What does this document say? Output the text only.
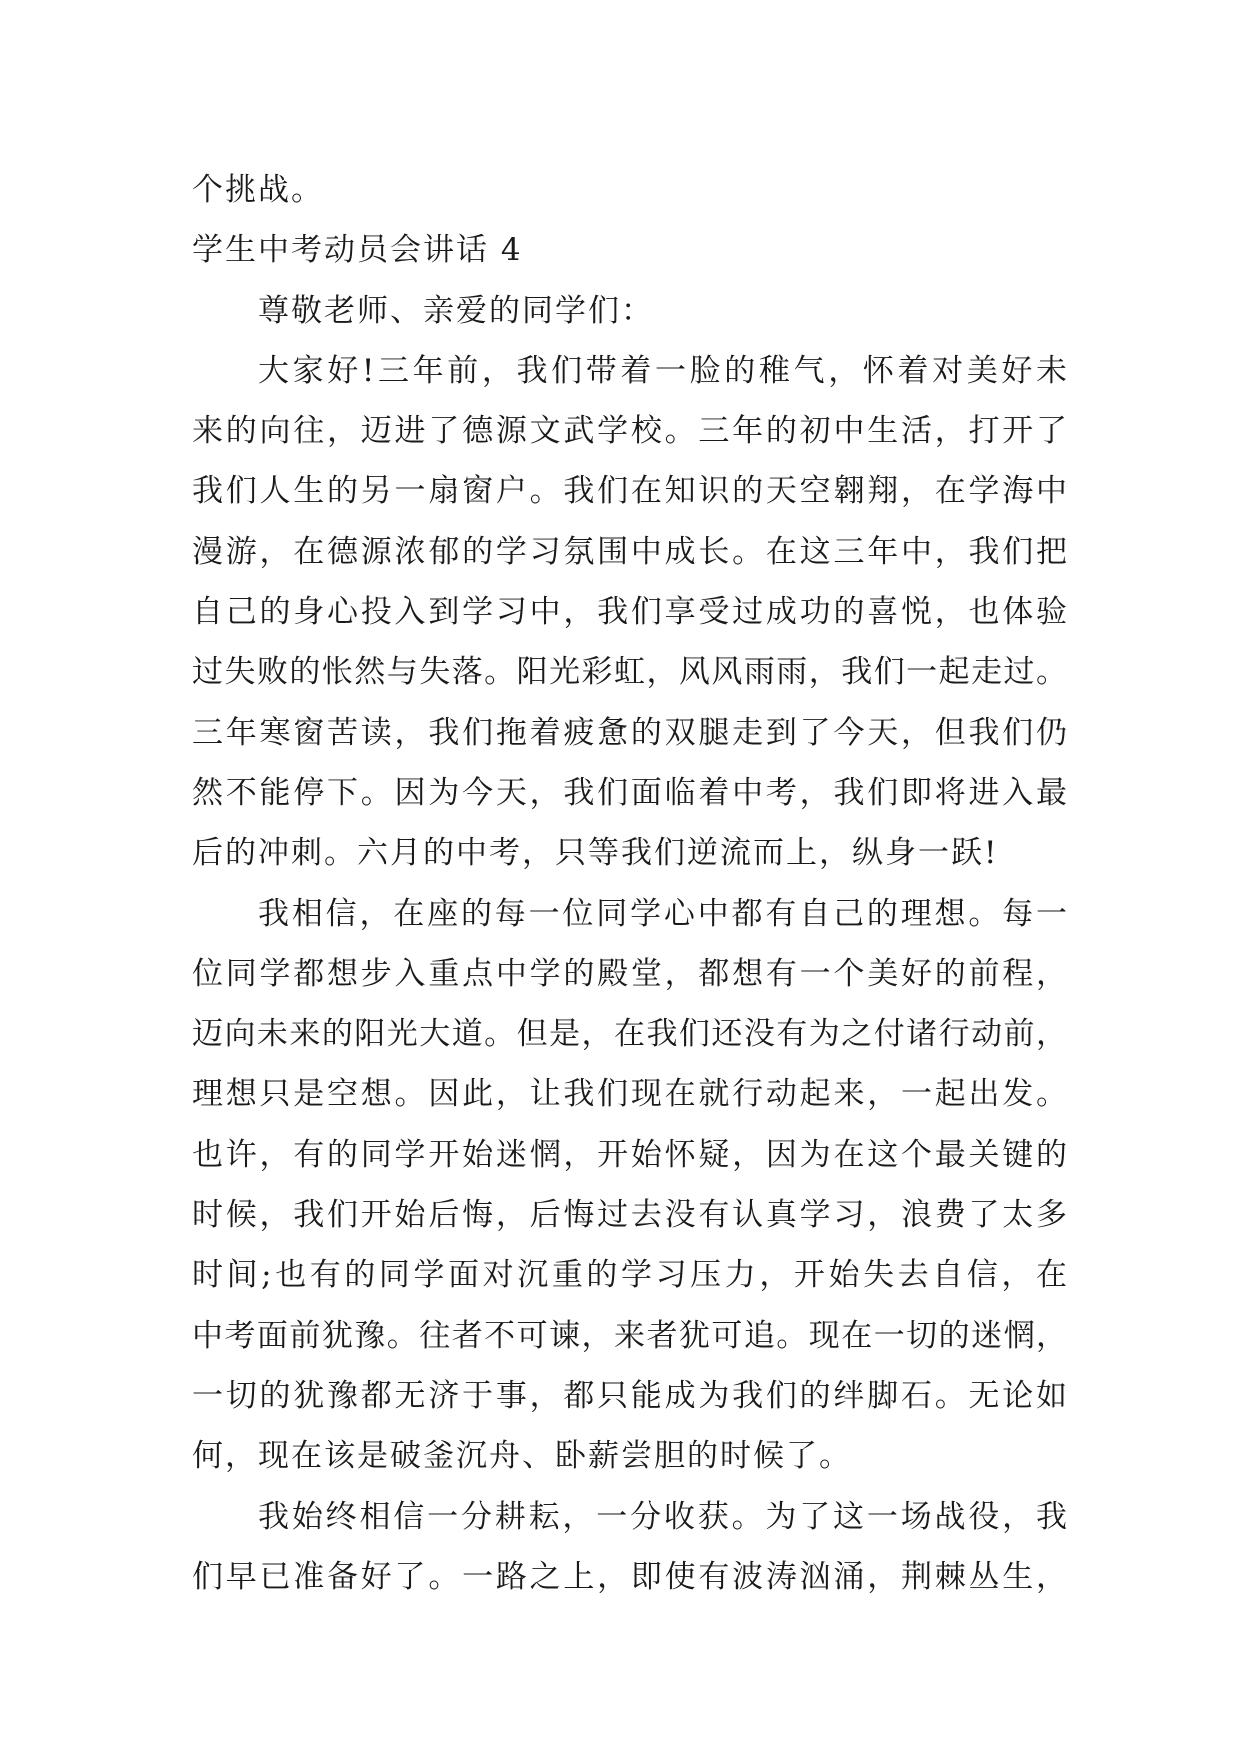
个挑战。
学生中考动员会讲话 4
尊敬老师、亲爱的同学们：
大家好!三年前，我们带着一脸的稚气，怀着对美好未
来的向往，迈进了德源文武学校。三年的初中生活，打开了
我们人生的另一扇窗户。我们在知识的天空翱翔，在学海中
漫游，在德源浓郁的学习氛围中成长。在这三年中，我们把
自己的身心投入到学习中，我们享受过成功的喜悦，也体验
过失败的怅然与失落。阳光彩虹，风风雨雨，我们一起走过。
三年寒窗苦读，我们拖着疲惫的双腿走到了今天，但我们仍
然不能停下。因为今天，我们面临着中考，我们即将进入最
后的冲刺。六月的中考，只等我们逆流而上，纵身一跃!
我相信，在座的每一位同学心中都有自己的理想。每一
位同学都想步入重点中学的殿堂，都想有一个美好的前程，
迈向未来的阳光大道。但是，在我们还没有为之付诸行动前，
理想只是空想。因此，让我们现在就行动起来，一起出发。
也许，有的同学开始迷惘，开始怀疑，因为在这个最关键的
时候，我们开始后悔，后悔过去没有认真学习，浪费了太多
时间;也有的同学面对沉重的学习压力，开始失去自信，在
中考面前犹豫。往者不可谏，来者犹可追。现在一切的迷惘，
一切的犹豫都无济于事，都只能成为我们的绊脚石。无论如
何，现在该是破釜沉舟、卧薪尝胆的时候了。
我始终相信一分耕耘，一分收获。为了这一场战役，我
们早已准备好了。一路之上，即使有波涛汹涌，荆棘丛生，
